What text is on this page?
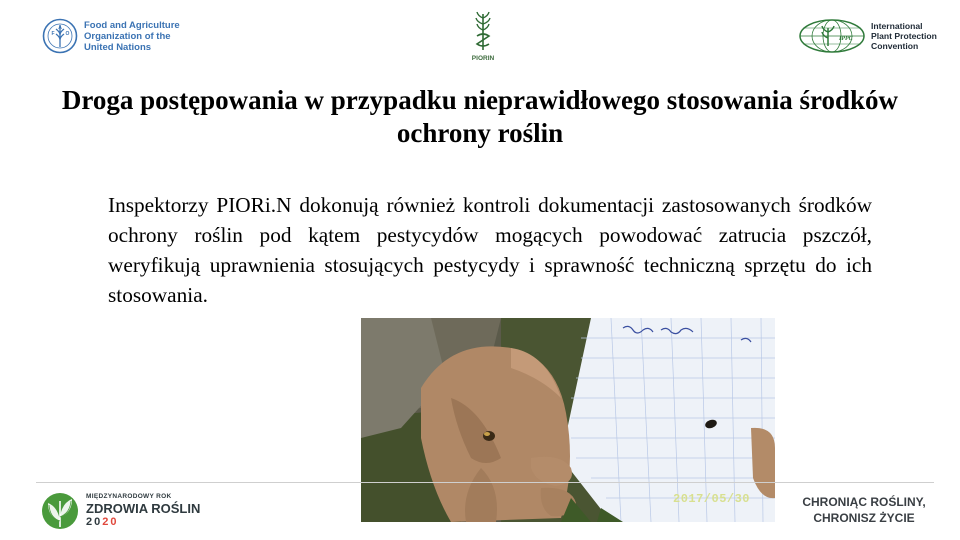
F O
A Food and Agriculture
Organization of the
United Nations
PIORIN
IPPC
International
Plant Protection
Convention
Droga postępowania w przypadku nieprawidłowego stosowania środków ochrony roślin
Inspektorzy PIORi.N dokonują również kontroli dokumentacji zastosowanych środków ochrony roślin pod kątem pestycydów mogących powodować zatrucia pszczół, weryfikują uprawnienia stosujących pestycydy i sprawność techniczną sprzętu do ich stosowania.
2017/05/30
MIĘDZYNARODOWY ROK
ZDROWIA ROŚLIN
2020
CHRONIĄC ROŚLINY,
CHRONISZ ŻYCIE
